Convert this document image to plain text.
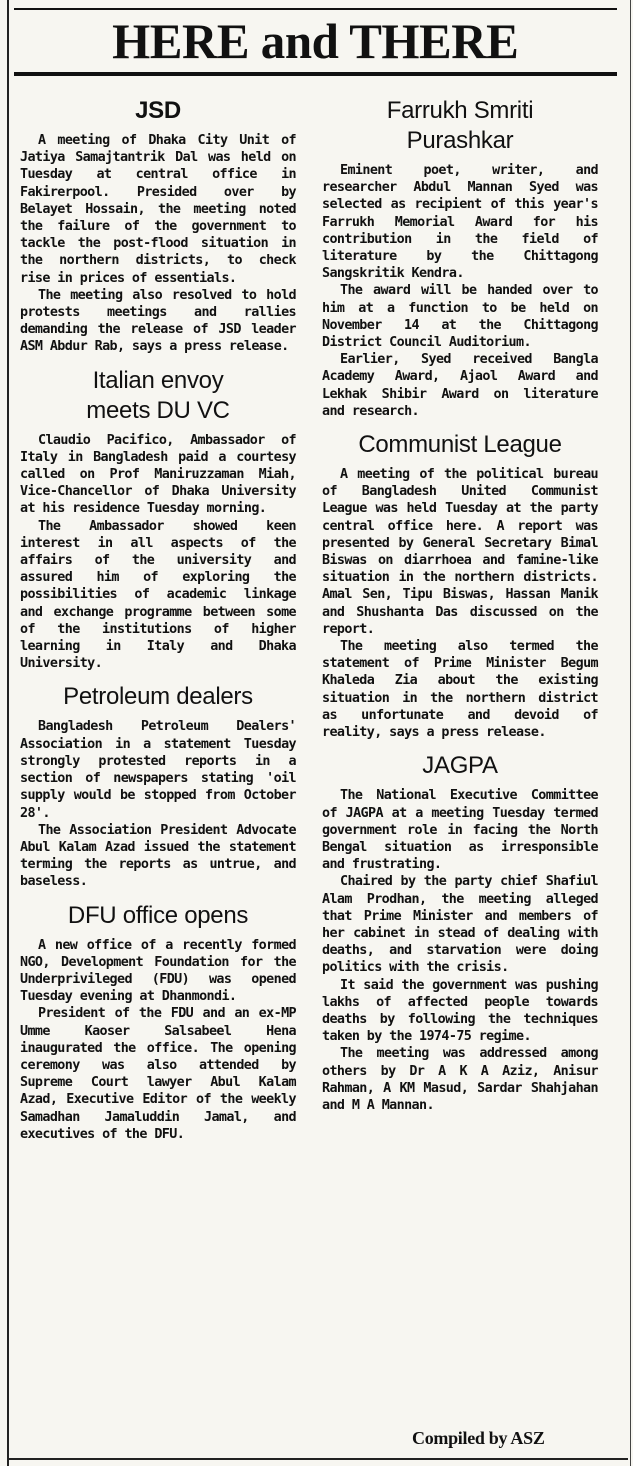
HERE and THERE
JSD

A meeting of Dhaka City Unit of Jatiya Samajtantrik Dal was held on Tuesday at central office in Fakirerpool. Presided over by Belayet Hossain, the meeting noted the failure of the government to tackle the post-flood situation in the northern districts, to check rise in prices of essentials.

The meeting also resolved to hold protests meetings and rallies demanding the release of JSD leader ASM Abdur Rab, says a press release.

Italian envoy meets DU VC

Claudio Pacifico, Ambassador of Italy in Bangladesh paid a courtesy called on Prof Maniruzzaman Miah, Vice-Chancellor of Dhaka University at his residence Tuesday morning.

The Ambassador showed keen interest in all aspects of the affairs of the university and assured him of exploring the possibilities of academic linkage and exchange programme between some of the institutions of higher learning in Italy and Dhaka University.

Petroleum dealers

Bangladesh Petroleum Dealers' Association in a statement Tuesday strongly protested reports in a section of newspapers stating 'oil supply would be stopped from October 28'.

The Association President Advocate Abul Kalam Azad issued the statement terming the reports as untrue, and baseless.

DFU office opens

A new office of a recently formed NGO, Development Foundation for the Underprivileged (FDU) was opened Tuesday evening at Dhanmondi.

President of the FDU and an ex-MP Umme Kaoser Salsabeel Hena inaugurated the office. The opening ceremony was also attended by Supreme Court lawyer Abul Kalam Azad, Executive Editor of the weekly Samadhan Jamaluddin Jamal, and executives of the DFU.

Farrukh Smriti Purashkar

Eminent poet, writer, and researcher Abdul Mannan Syed was selected as recipient of this year's Farrukh Memorial Award for his contribution in the field of literature by the Chittagong Sangskritik Kendra.

The award will be handed over to him at a function to be held on November 14 at the Chittagong District Council Auditorium.

Earlier, Syed received Bangla Academy Award, Ajaol Award and Lekhak Shibir Award on literature and research.

Communist League

A meeting of the political bureau of Bangladesh United Communist League was held Tuesday at the party central office here. A report was presented by General Secretary Bimal Biswas on diarrhoea and famine-like situation in the northern districts. Amal Sen, Tipu Biswas, Hassan Manik and Shushanta Das discussed on the report.

The meeting also termed the statement of Prime Minister Begum Khaleda Zia about the existing situation in the northern district as unfortunate and devoid of reality, says a press release.

JAGPA

The National Executive Committee of JAGPA at a meeting Tuesday termed government role in facing the North Bengal situation as irresponsible and frustrating.

Chaired by the party chief Shafiul Alam Prodhan, the meeting alleged that Prime Minister and members of her cabinet in stead of dealing with deaths, and starvation were doing politics with the crisis.

It said the government was pushing lakhs of affected people towards deaths by following the techniques taken by the 1974-75 regime.

The meeting was addressed among others by Dr A K A Aziz, Anisur Rahman, A KM Masud, Sardar Shahjahan and M A Mannan.

Compiled by ASZ
